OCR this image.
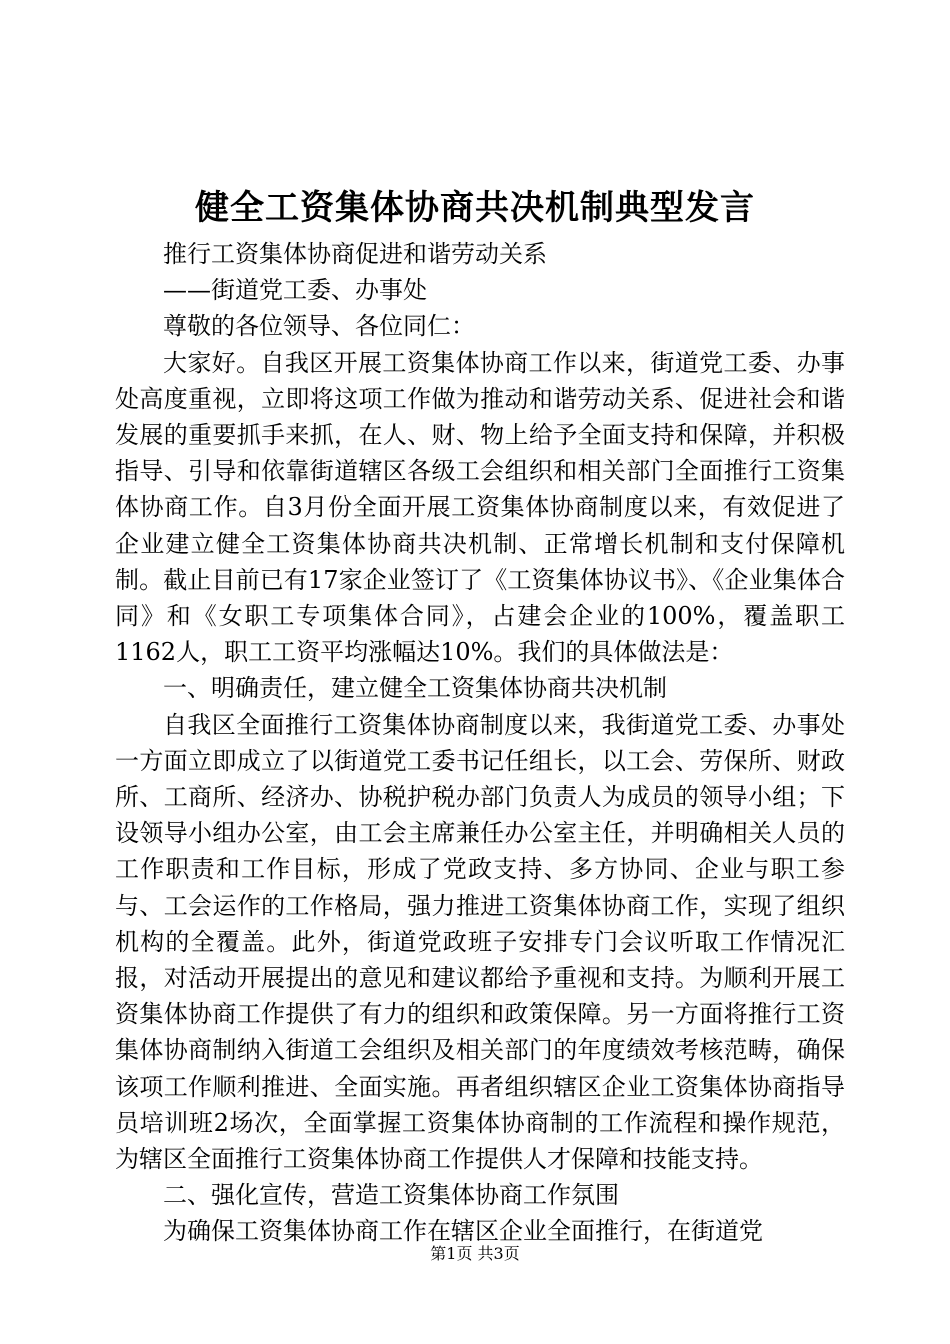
健全工资集体协商共决机制典型发言

推行工资集体协商促进和谐劳动关系

——街道党工委、办事处

尊敬的各位领导、各位同仁：

大家好。自我区开展工资集体协商工作以来，街道党工委、办事处高度重视，立即将这项工作做为推动和谐劳动关系、促进社会和谐发展的重要抓手来抓，在人、财、物上给予全面支持和保障，并积极指导、引导和依靠街道辖区各级工会组织和相关部门全面推行工资集体协商工作。自3月份全面开展工资集体协商制度以来，有效促进了企业建立健全工资集体协商共决机制、正常增长机制和支付保障机制。截止目前已有17家企业签订了《工资集体协议书》、《企业集体合同》和《女职工专项集体合同》，占建会企业的100%，覆盖职工1162人，职工工资平均涨幅达10%。我们的具体做法是：

一、明确责任，建立健全工资集体协商共决机制

自我区全面推行工资集体协商制度以来，我街道党工委、办事处一方面立即成立了以街道党工委书记任组长，以工会、劳保所、财政所、工商所、经济办、协税护税办部门负责人为成员的领导小组；下设领导小组办公室，由工会主席兼任办公室主任，并明确相关人员的工作职责和工作目标，形成了党政支持、多方协同、企业与职工参与、工会运作的工作格局，强力推进工资集体协商工作，实现了组织机构的全覆盖。此外，街道党政班子安排专门会议听取工作情况汇报，对活动开展提出的意见和建议都给予重视和支持。为顺利开展工资集体协商工作提供了有力的组织和政策保障。另一方面将推行工资集体协商制纳入街道工会组织及相关部门的年度绩效考核范畴，确保该项工作顺利推进、全面实施。再者组织辖区企业工资集体协商指导员培训班2场次，全面掌握工资集体协商制的工作流程和操作规范，为辖区全面推行工资集体协商工作提供人才保障和技能支持。

二、强化宣传，营造工资集体协商工作氛围

为确保工资集体协商工作在辖区企业全面推行，在街道党

第1页 共3页
